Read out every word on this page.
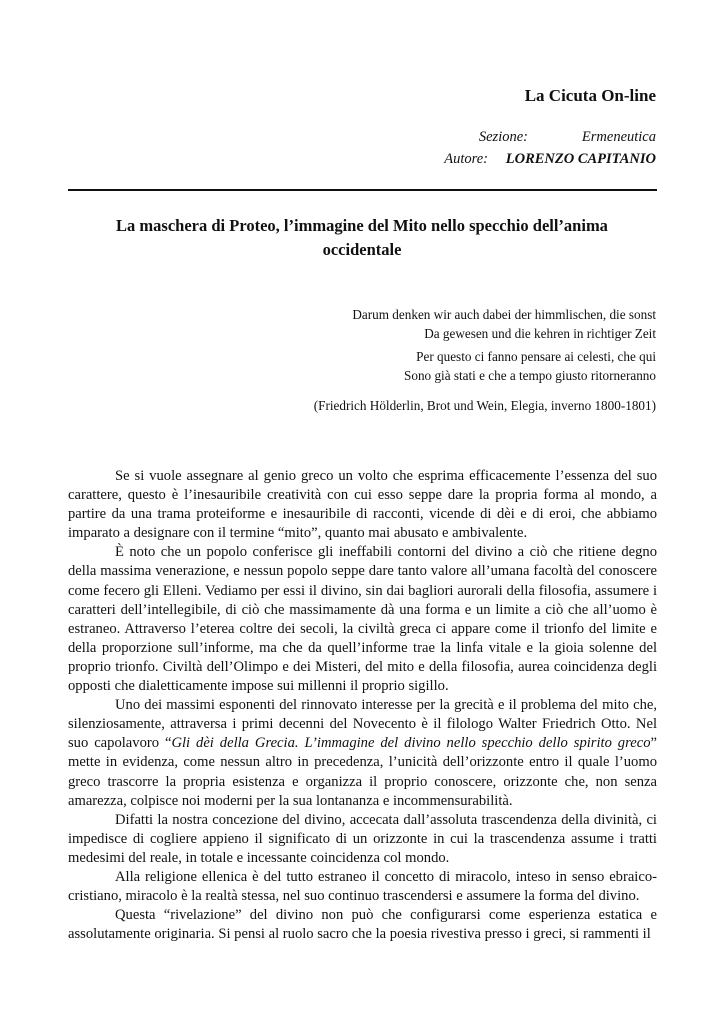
La Cicuta On-line
Sezione:	Ermeneutica
Autore: LORENZO CAPITANIO
La maschera di Proteo, l’immagine del Mito nello specchio dell’anima
occidentale
Darum denken wir auch dabei der himmlischen, die sonst
Da gewesen und die kehren in richtiger Zeit
Per questo ci fanno pensare ai celesti, che qui
Sono già stati e che a tempo giusto ritorneranno
(Friedrich Hölderlin, Brot und Wein, Elegia, inverno 1800-1801)

Se si vuole assegnare al genio greco un volto che esprima efficacemente l’essenza del suo carattere, questo è l’inesauribile creatività con cui esso seppe dare la propria forma al mondo, a partire da una trama proteiforme e inesauribile di racconti, vicende di dèi e di eroi, che abbiamo imparato a designare con il termine “mito”, quanto mai abusato e ambivalente.

È noto che un popolo conferisce gli ineffabili contorni del divino a ciò che ritiene degno della massima venerazione, e nessun popolo seppe dare tanto valore all’umana facoltà del conoscere come fecero gli Elleni. Vediamo per essi il divino, sin dai bagliori aurorali della filosofia, assumere i caratteri dell’intellegibile, di ciò che massimamente dà una forma e un limite a ciò che all’uomo è estraneo. Attraverso l’eterea coltre dei secoli, la civiltà greca ci appare come il trionfo del limite e della proporzione sull’informe, ma che da quell’informe trae la linfa vitale e la gioia solenne del proprio trionfo. Civiltà dell’Olimpo e dei Misteri, del mito e della filosofia, aurea coincidenza degli opposti che dialetticamente impose sui millenni il proprio sigillo.

Uno dei massimi esponenti del rinnovato interesse per la grecità e il problema del mito che, silenziosamente, attraversa i primi decenni del Novecento è il filologo Walter Friedrich Otto. Nel suo capolavoro “Gli dèi della Grecia. L’immagine del divino nello specchio dello spirito greco” mette in evidenza, come nessun altro in precedenza, l’unicità dell’orizzonte entro il quale l’uomo greco trascorre la propria esistenza e organizza il proprio conoscere, orizzonte che, non senza amarezza, colpisce noi moderni per la sua lontananza e incommensurabilità.

Difatti la nostra concezione del divino, accecata dall’assoluta trascendenza della divinità, ci impedisce di cogliere appieno il significato di un orizzonte in cui la trascendenza assume i tratti medesimi del reale, in totale e incessante coincidenza col mondo.

Alla religione ellenica è del tutto estraneo il concetto di miracolo, inteso in senso ebraico-cristiano, miracolo è la realtà stessa, nel suo continuo trascendersi e assumere la forma del divino.

Questa “rivelazione” del divino non può che configurarsi come esperienza estatica e assolutamente originaria. Si pensi al ruolo sacro che la poesia rivestiva presso i greci, si rammenti il
